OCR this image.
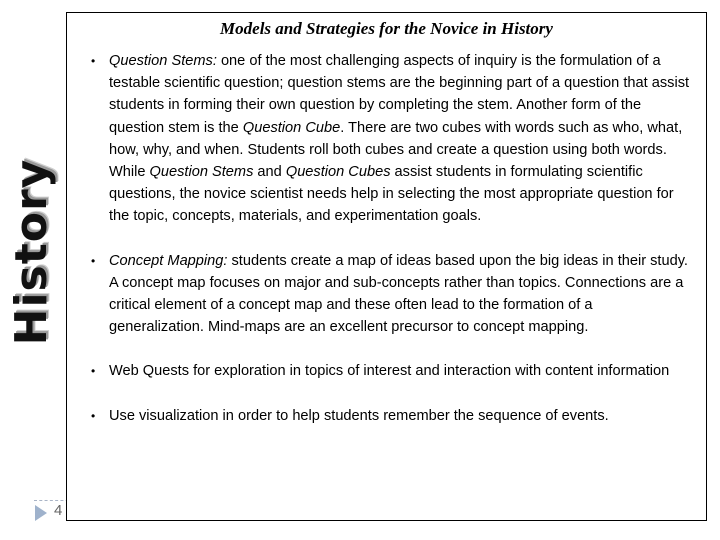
History
4
Models and Strategies for the Novice in History
• Question Stems: one of the most challenging aspects of inquiry is the formulation of a testable scientific question; question stems are the beginning part of a question that assist students in forming their own question by completing the stem. Another form of the question stem is the Question Cube. There are two cubes with words such as who, what, how, why, and when. Students roll both cubes and create a question using both words. While Question Stems and Question Cubes assist students in formulating scientific questions, the novice scientist needs help in selecting the most appropriate question for the topic, concepts, materials, and experimentation goals.
• Concept Mapping: students create a map of ideas based upon the big ideas in their study. A concept map focuses on major and sub-concepts rather than topics. Connections are a critical element of a concept map and these often lead to the formation of a generalization. Mind-maps are an excellent precursor to concept mapping.
• Web Quests for exploration in topics of interest and interaction with content information
• Use visualization in order to help students remember the sequence of events.
